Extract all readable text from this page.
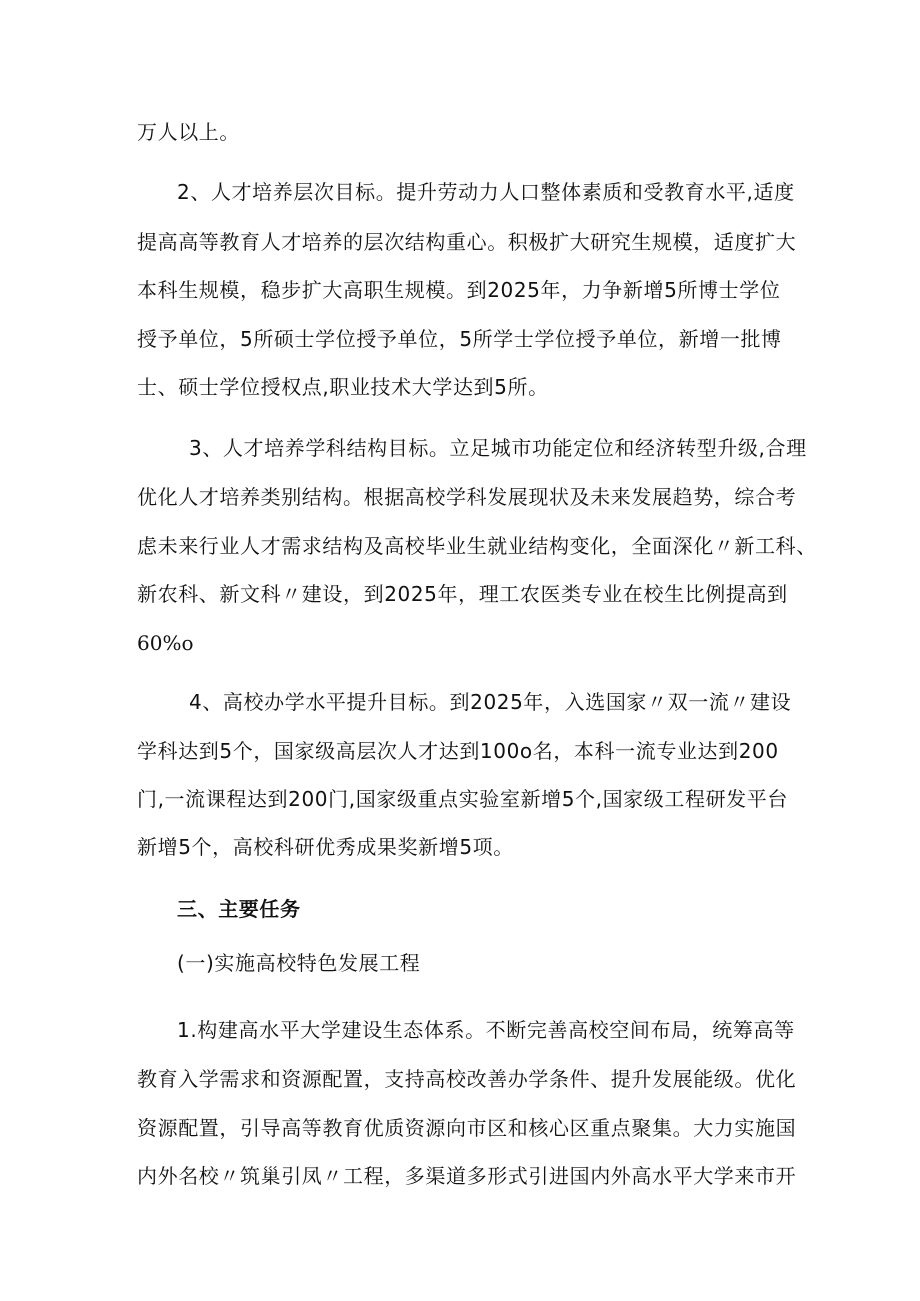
万人以上。
2、人才培养层次目标。提升劳动力人口整体素质和受教育水平,适度
提高高等教育人才培养的层次结构重心。积极扩大研究生规模，适度扩大
本科生规模，稳步扩大高职生规模。到2025年，力争新增5所博士学位
授予单位，5所硕士学位授予单位，5所学士学位授予单位，新增一批博
士、硕士学位授权点,职业技术大学达到5所。
3、人才培养学科结构目标。立足城市功能定位和经济转型升级,合理
优化人才培养类别结构。根据高校学科发展现状及未来发展趋势，综合考
虑未来行业人才需求结构及高校毕业生就业结构变化，全面深化〃新工科、
新农科、新文科〃建设，到2025年，理工农医类专业在校生比例提高到
60%o
4、高校办学水平提升目标。到2025年，入选国家〃双一流〃建设
学科达到5个，国家级高层次人才达到100o名，本科一流专业达到200
门,一流课程达到200门,国家级重点实验室新增5个,国家级工程研发平台
新增5个，高校科研优秀成果奖新增5项。
三、主要任务
(一)实施高校特色发展工程
1.构建高水平大学建设生态体系。不断完善高校空间布局，统筹高等
教育入学需求和资源配置，支持高校改善办学条件、提升发展能级。优化
资源配置，引导高等教育优质资源向市区和核心区重点聚集。大力实施国
内外名校〃筑巢引凤〃工程，多渠道多形式引进国内外高水平大学来市开
